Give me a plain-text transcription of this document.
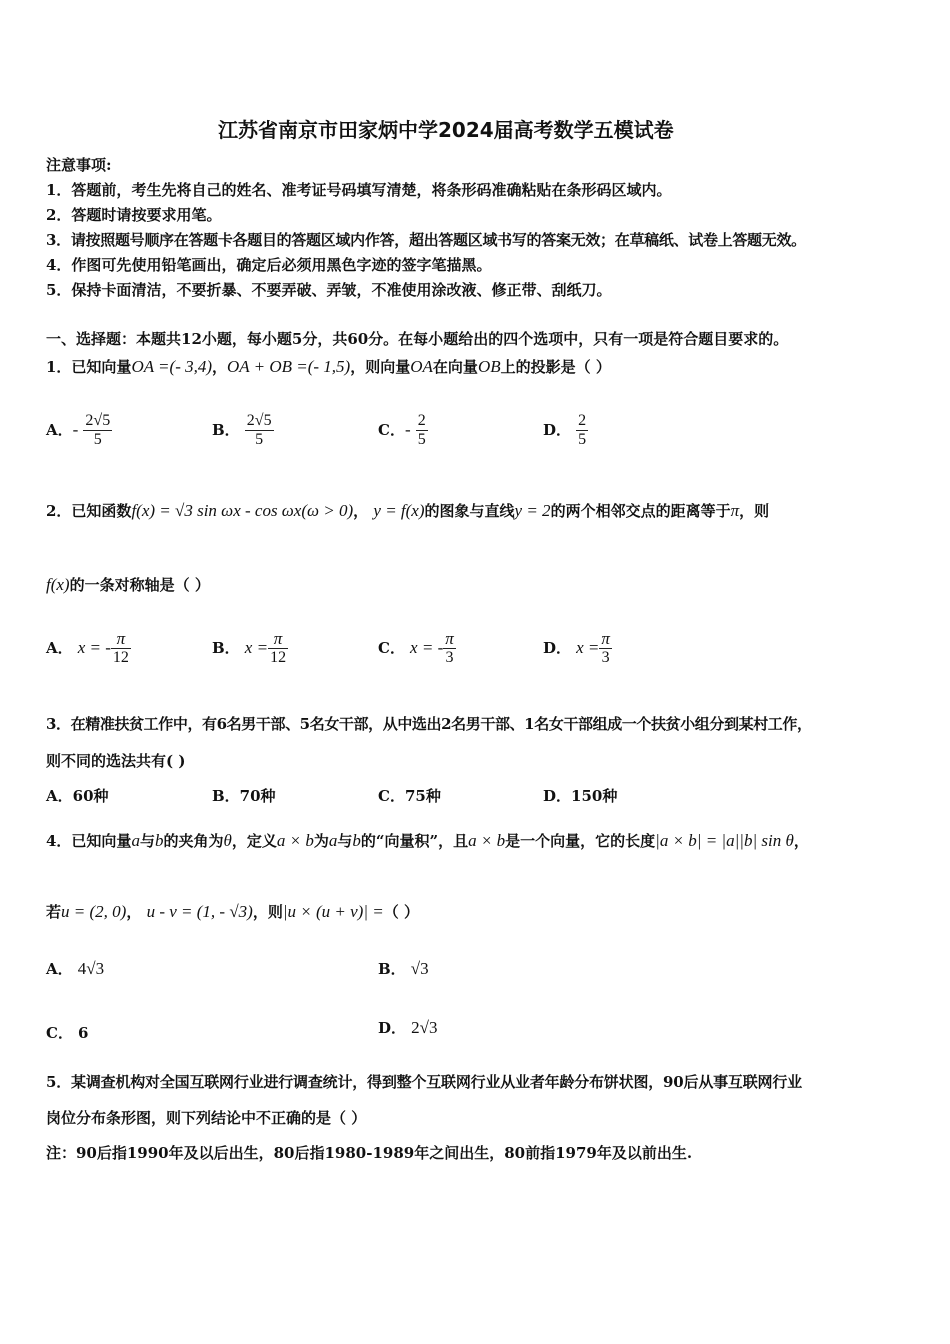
江苏省南京市田家炳中学2024届高考数学五模试卷
注意事项:
1．答题前，考生先将自己的姓名、准考证号码填写清楚，将条形码准确粘贴在条形码区域内。
2．答题时请按要求用笔。
3．请按照题号顺序在答题卡各题目的答题区域内作答，超出答题区域书写的答案无效；在草稿纸、试卷上答题无效。
4．作图可先使用铅笔画出，确定后必须用黑色字迹的签字笔描黑。
5．保持卡面清洁，不要折暴、不要弄破、弄皱，不准使用涂改液、修正带、刮纸刀。
一、选择题：本题共12小题，每小题5分，共60分。在每小题给出的四个选项中，只有一项是符合题目要求的。
1．已知向量OA =(- 3,4)，OA + OB =(- 1,5)，则向量OA在向量OB上的投影是（ ）
A．- $\frac{2√5}{5}$	B． $\frac{2√5}{5}$	C．- $\frac{2}{5}$	D． $\frac{2}{5}$
2．已知函数f(x) = √3 sin ωx - cos ωx(ω > 0)， y = f(x)的图象与直线y = 2的两个相邻交点的距离等于π，则
f(x)的一条对称轴是（ ）
A． x = - $\frac{\pi}{12}$	B． $x = \frac{\pi}{12}$	C． x = - $\frac{\pi}{3}$	D． $x = \frac{\pi}{3}$
3．在精准扶贫工作中，有6名男干部、5名女干部，从中选出2名男干部、1名女干部组成一个扶贫小组分到某村工作，
则不同的选法共有( )
A．60种	B．70种	C．75种	D．150种
4．已知向量a与b的夹角为θ，定义a × b为a与b的“向量积”，且a × b是一个向量，它的长度|a × b| = |a||b| sin θ，
若u = (2, 0)， u - v = (1, - √3)，则|u × (u + v)| =（ ）
A． 4√3	B． √3
C． 6	D． 2√3
5．某调查机构对全国互联网行业进行调查统计，得到整个互联网行业从业者年龄分布饼状图，90后从事互联网行业
岗位分布条形图，则下列结论中不正确的是（ ）
注：90后指1990年及以后出生，80后指1980-1989年之间出生，80前指1979年及以前出生.
